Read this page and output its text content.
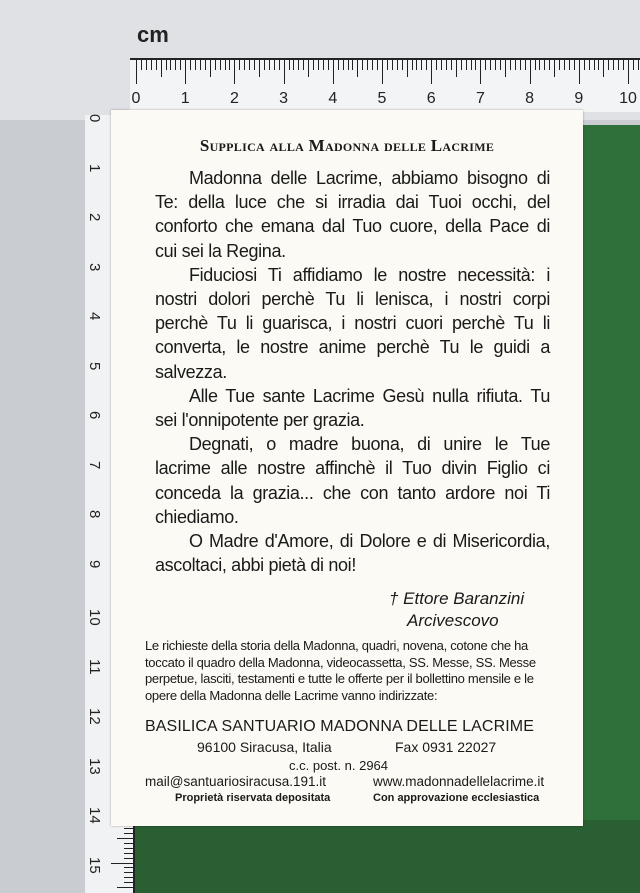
cm
0	1	2	3	4	5	6	7	8	9 10
0
1
2
3
4
5
6
7
8
9
10
11
12
13
14
15
Supplica alla Madonna delle Lacrime

Madonna delle Lacrime, abbiamo bisogno di Te: della luce che si irradia dai Tuoi occhi, del conforto che emana dal Tuo cuore, della Pace di cui sei la Regina.

Fiduciosi Ti affidiamo le nostre necessità: i nostri dolori perchè Tu li lenisca, i nostri corpi perchè Tu li guarisca, i nostri cuori perchè Tu li converta, le nostre anime perchè Tu le guidi a salvezza.

Alle Tue sante Lacrime Gesù nulla rifiuta. Tu sei l'onnipotente per grazia.

Degnati, o madre buona, di unire le Tue lacrime alle nostre affinchè il Tuo divin Figlio ci conceda la grazia... che con tanto ardore noi Ti chiediamo.

O Madre d'Amore, di Dolore e di Misericordia, ascoltaci, abbi pietà di noi!

† Ettore Baranzini
Arcivescovo
Le richieste della storia della Madonna, quadri, novena, cotone che ha toccato il quadro della Madonna, videocassetta, SS. Messe, SS. Messe perpetue, lasciti, testamenti e tutte le offerte per il bollettino mensile e le opere della Madonna delle Lacrime vanno indirizzate:
BASILICA SANTUARIO MADONNA DELLE LACRIME
96100 Siracusa, Italia	Fax 0931 22027
c.c. post. n. 2964
mail@santuariosiracusa.191.it	www.madonnadellelacrime.it
Proprietà riservata depositata	Con approvazione ecclesiastica
